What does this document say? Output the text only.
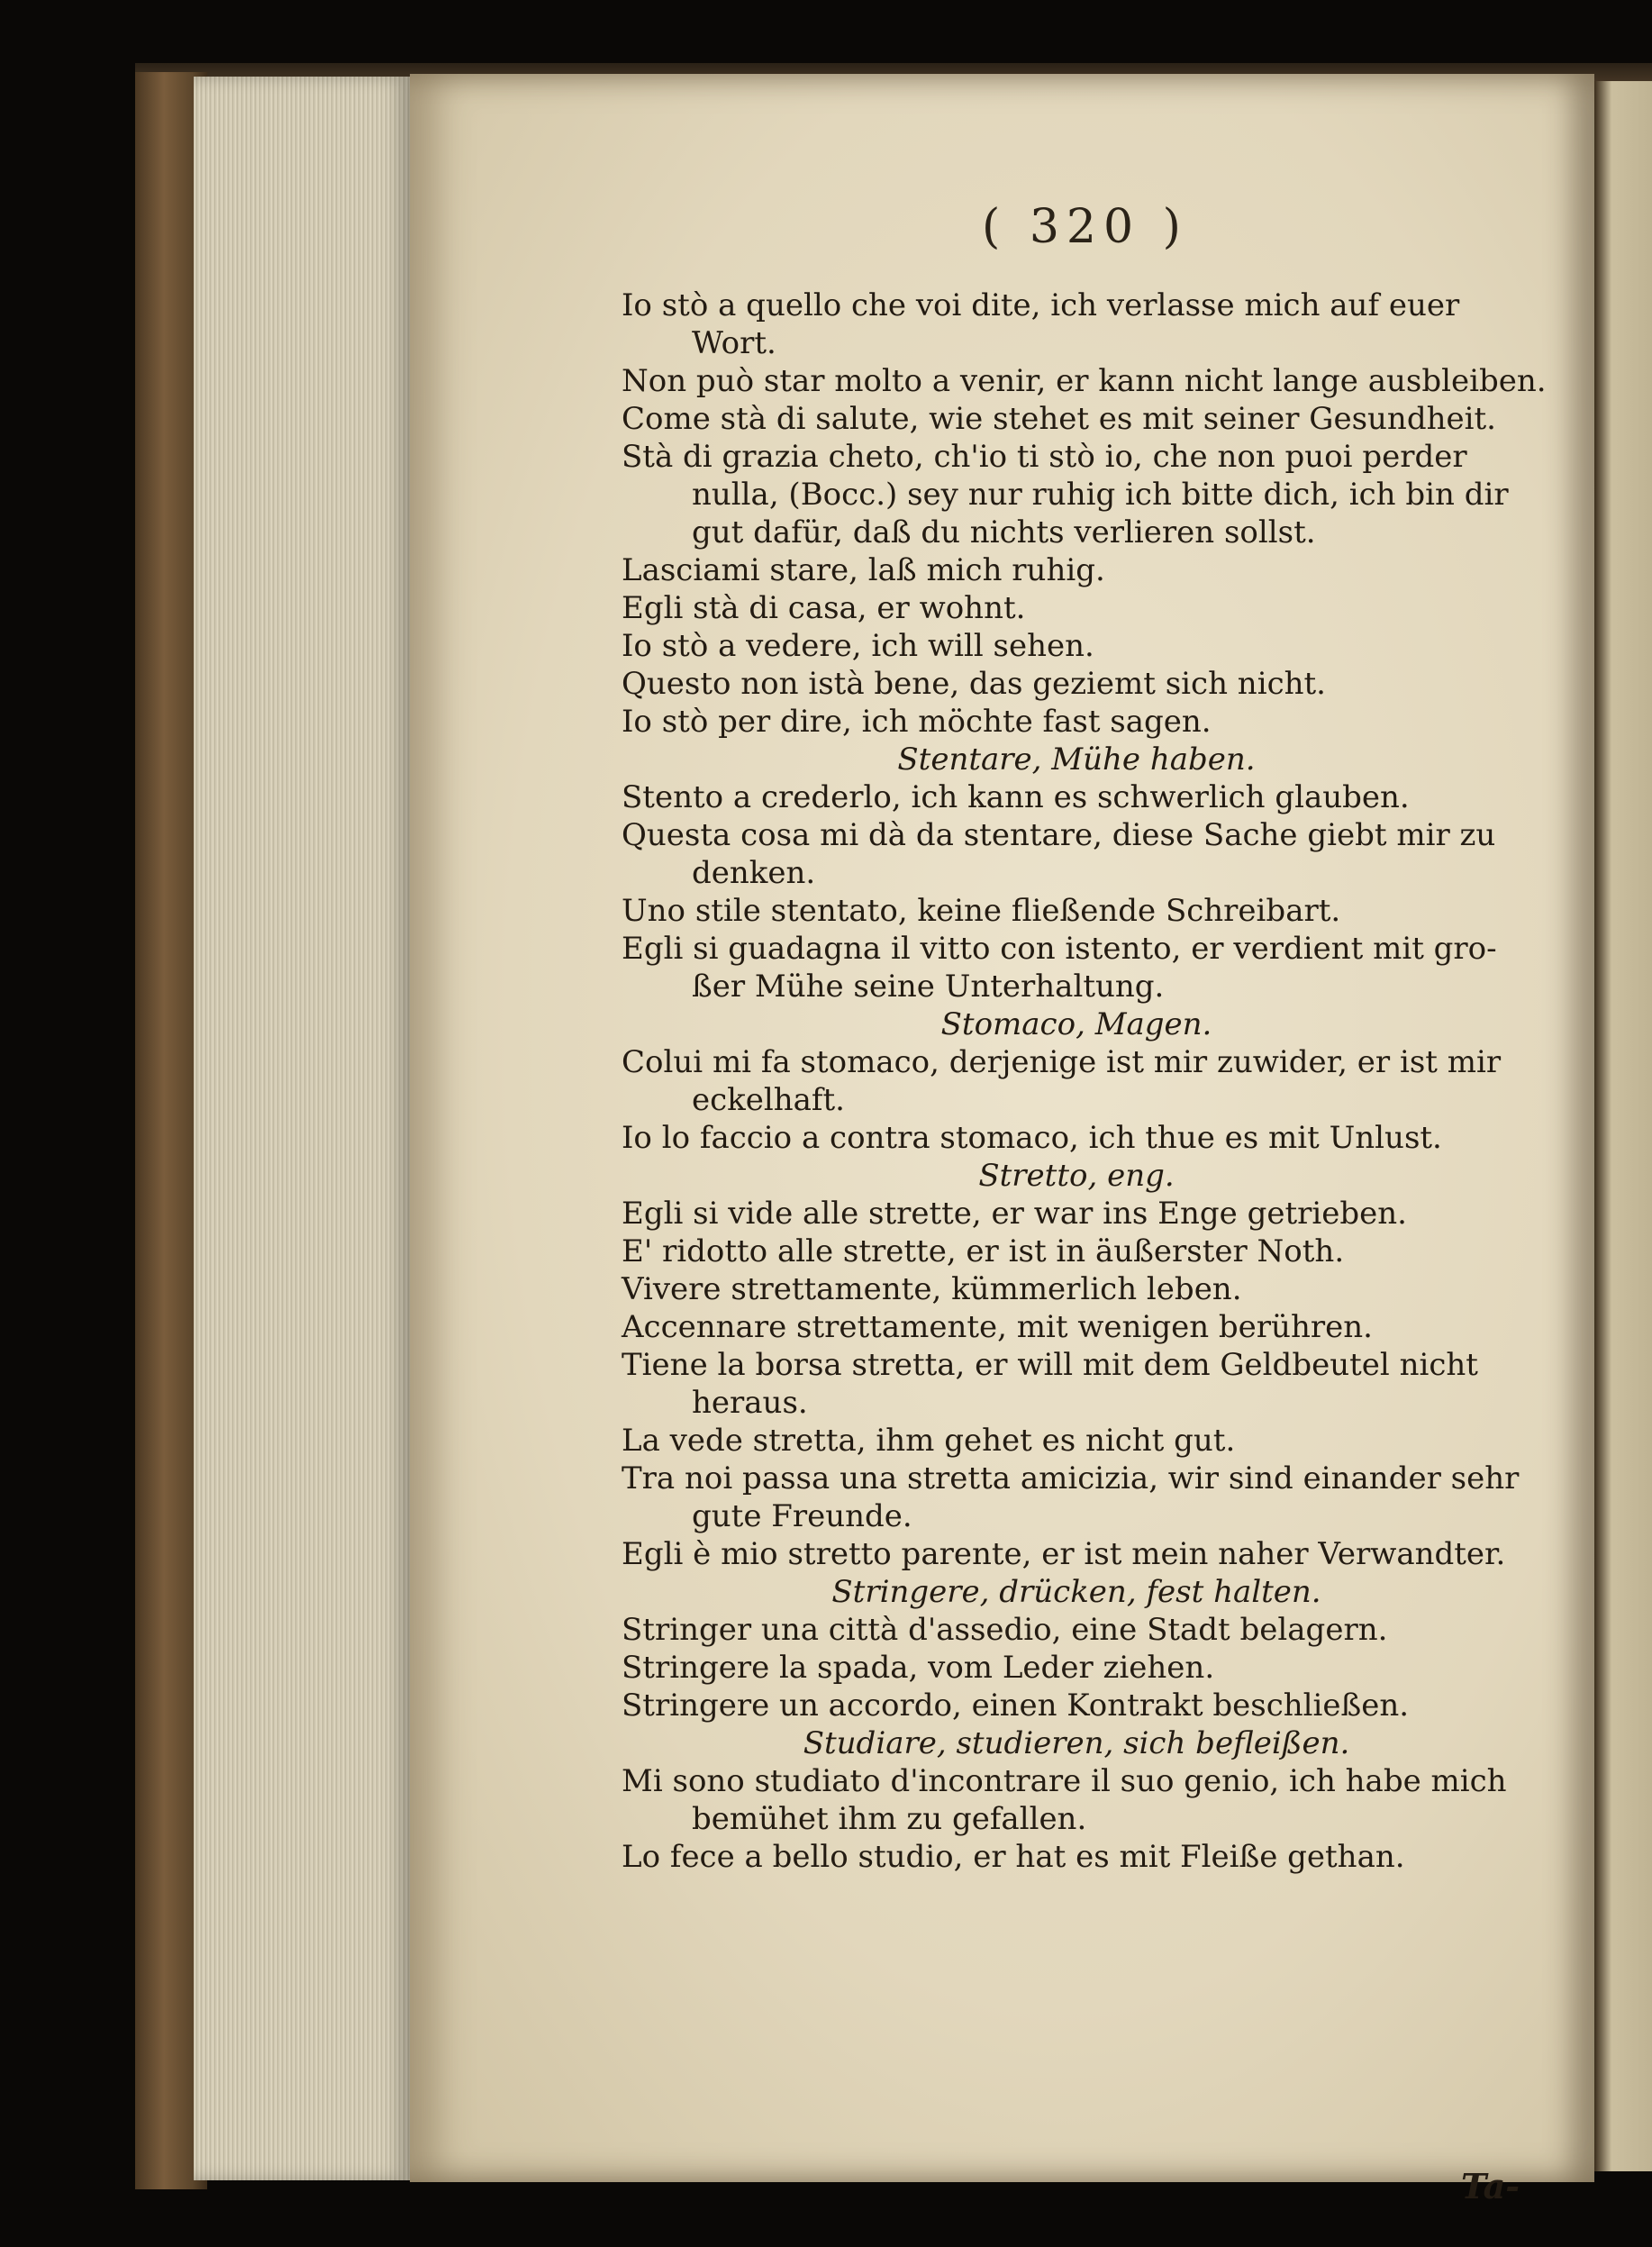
( 320 )

Io stò a quello che voi dite, ich verlasse mich auf euer

Wort.

Non può star molto a venir, er kann nicht lange ausbleiben.

Come stà di salute, wie stehet es mit seiner Gesundheit.

Stà di grazia cheto, ch'io ti stò io, che non puoi perder

nulla, (Bocc.) sey nur ruhig ich bitte dich, ich bin dir

gut dafür, daß du nichts verlieren sollst.

Lasciami stare, laß mich ruhig.

Egli stà di casa, er wohnt.

Io stò a vedere, ich will sehen.

Questo non istà bene, das geziemt sich nicht.

Io stò per dire, ich möchte fast sagen.

Stentare, Mühe haben.

Stento a crederlo, ich kann es schwerlich glauben.

Questa cosa mi dà da stentare, diese Sache giebt mir zu

denken.

Uno stile stentato, keine fließende Schreibart.

Egli si guadagna il vitto con istento, er verdient mit gro-

ßer Mühe seine Unterhaltung.

Stomaco, Magen.

Colui mi fa stomaco, derjenige ist mir zuwider, er ist mir

eckelhaft.

Io lo faccio a contra stomaco, ich thue es mit Unlust.

Stretto, eng.

Egli si vide alle strette, er war ins Enge getrieben.

E' ridotto alle strette, er ist in äußerster Noth.

Vivere strettamente, kümmerlich leben.

Accennare strettamente, mit wenigen berühren.

Tiene la borsa stretta, er will mit dem Geldbeutel nicht

heraus.

La vede stretta, ihm gehet es nicht gut.

Tra noi passa una stretta amicizia, wir sind einander sehr

gute Freunde.

Egli è mio stretto parente, er ist mein naher Verwandter.

Stringere, drücken, fest halten.

Stringer una città d'assedio, eine Stadt belagern.

Stringere la spada, vom Leder ziehen.

Stringere un accordo, einen Kontrakt beschließen.

Studiare, studieren, sich befleißen.

Mi sono studiato d'incontrare il suo genio, ich habe mich

bemühet ihm zu gefallen.

Lo fece a bello studio, er hat es mit Fleiße gethan.

Ta-
